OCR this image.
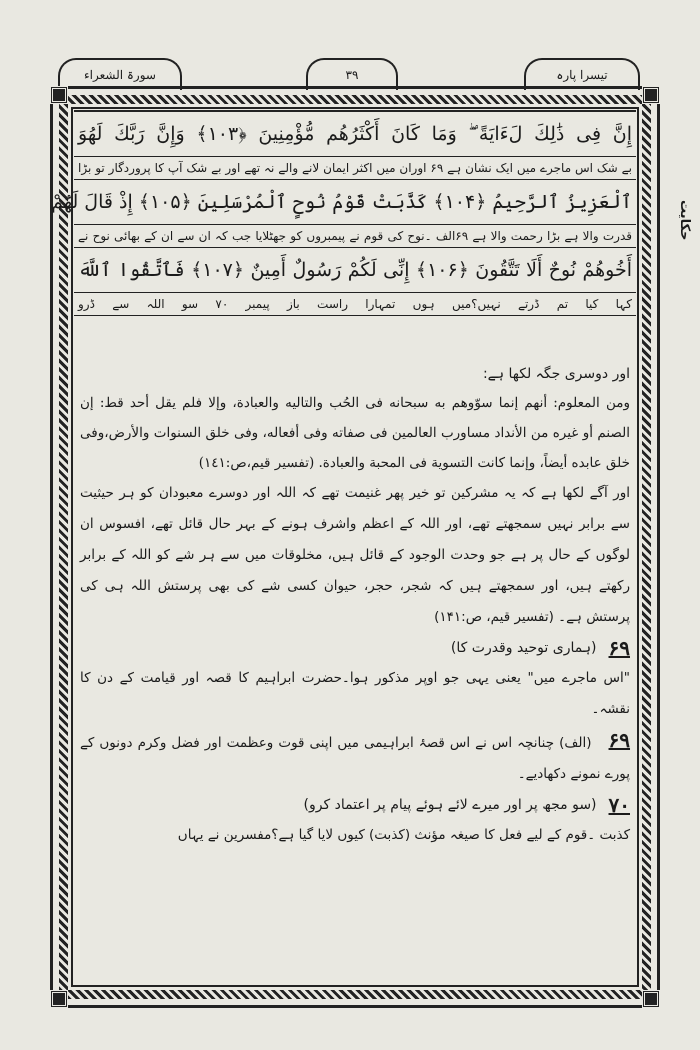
سورۃ الشعراء	۳۹	تیسرا پارہ
حکایت
إِنَّ فِى ذَٰلِكَ لَءَايَةً ۖ وَمَا كَانَ أَكْثَرُهُم مُّؤْمِنِينَ ﴿۱۰۳﴾ وَإِنَّ رَبَّكَ لَهُوَ
بے شک اس ماجرے میں ایک نشان ہے ۶۹ اوران میں اکثر ایمان لانے والے نہ تھے اور بے شک آپ کا پروردگار تو بڑا
ٱلْعَزِيزُ ٱلرَّحِيمُ ﴿۱۰۴﴾ كَذَّبَتْ قَوْمُ نُوحٍ ٱلْمُرْسَلِينَ ﴿۱۰۵﴾ إِذْ قَالَ لَهُمْ
قدرت والا ہے بڑا رحمت والا ہے ۶۹الف ۔نوح کی قوم نے پیمبروں کو جھٹلایا جب کہ ان سے ان کے بھائی نوح نے
أَخُوهُمْ نُوحٌ أَلَا تَتَّقُونَ ﴿۱۰۶﴾ إِنِّى لَكُمْ رَسُولٌ أَمِينٌ ﴿۱۰۷﴾ فَٱتَّقُوا ٱللَّهَ
کہا کیا تم ڈرتے نہیں؟میں ہوں تمہارا راست باز پیمبر ۷۰ سو اللہ سے ڈرو

اور دوسری جگہ لکھا ہے:

ومن المعلوم: أنهم إنما سوّوهم به سبحانه فى الحُب والتاليه والعبادة، وإلا فلم يقل أحد قط: إن الصنم أو غيره من الأنداد مساورب العالمين فى صفاته وفى أفعاله، وفى خلق السنوات والأرض،وفى خلق عابده أيضاً، وإنما كانت التسوية فى المحبة والعبادة. (تفسير قيم،ص:١٤١)

اور آگے لکھا ہے کہ یہ مشرکین تو خیر پھر غنیمت تھے کہ اللہ اور دوسرے معبودان کو ہر حیثیت سے برابر نہیں سمجھتے تھے، اور اللہ کے اعظم واشرف ہونے کے بہر حال قائل تھے، افسوس ان لوگوں کے حال پر ہے جو وحدت الوجود کے قائل ہیں، مخلوقات میں سے ہر شے کو اللہ کے برابر رکھتے ہیں، اور سمجھتے ہیں کہ شجر، حجر، حیوان کسی شے کی بھی پرستش اللہ ہی کی پرستش ہے۔ (تفسیر قیم، ص:۱۴۱)

۶۹
(ہماری توحید وقدرت کا)

"اس ماجرے میں" یعنی یہی جو اوپر مذکور ہوا۔حضرت ابراہیم کا قصہ اور قیامت کے دن کا نقشہ۔

۶۹ (الف) چنانچہ اس نے اس قصۂ ابراہیمی میں اپنی قوت وعظمت اور فضل وکرم دونوں کے پورے نمونے دکھادیے۔

۷۰
(سو مجھ پر اور میرے لائے ہوئے پیام پر اعتماد کرو)

کذبت ۔قوم کے لیے فعل کا صیغہ مؤنث (کذبت) کیوں لایا گیا ہے؟مفسرین نے یہاں
